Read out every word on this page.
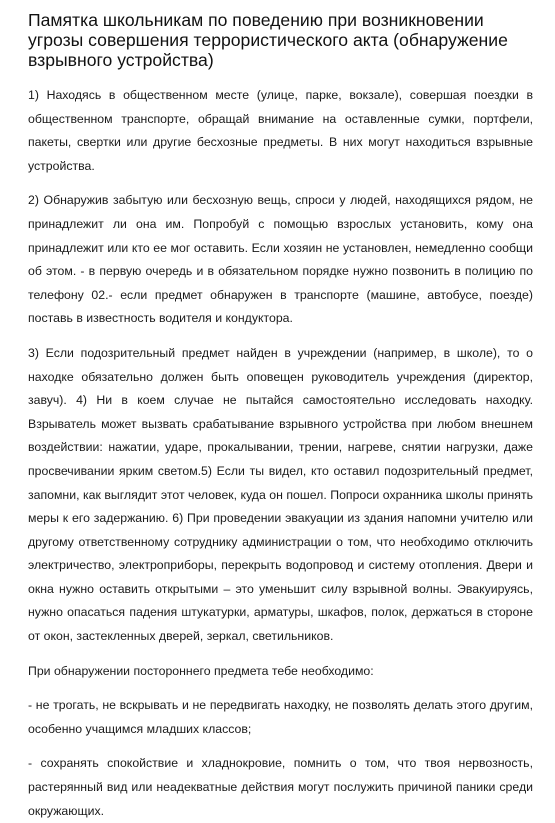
Памятка школьникам по поведению при возникновении угрозы совершения террористического акта (обнаружение взрывного устройства)

1) Находясь в общественном месте (улице, парке, вокзале), совершая поездки в общественном транспорте, обращай внимание на оставленные сумки, портфели, пакеты, свертки или другие бесхозные предметы. В них могут находиться взрывные устройства.

2) Обнаружив забытую или бесхозную вещь, спроси у людей, находящихся рядом, не принадлежит ли она им. Попробуй с помощью взрослых установить, кому она принадлежит или кто ее мог оставить. Если хозяин не установлен, немедленно сообщи об этом. - в первую очередь и в обязательном порядке нужно позвонить в полицию по телефону 02.- если предмет обнаружен в транспорте (машине, автобусе, поезде) поставь в известность водителя и кондуктора.

3) Если подозрительный предмет найден в учреждении (например, в школе), то о находке обязательно должен быть оповещен руководитель учреждения (директор, завуч). 4) Ни в коем случае не пытайся самостоятельно исследовать находку. Взрыватель может вызвать срабатывание взрывного устройства при любом внешнем воздействии: нажатии, ударе, прокалывании, трении, нагреве, снятии нагрузки, даже просвечивании ярким светом.5) Если ты видел, кто оставил подозрительный предмет, запомни, как выглядит этот человек, куда он пошел. Попроси охранника школы принять меры к его задержанию. 6) При проведении эвакуации из здания напомни учителю или другому ответственному сотруднику администрации о том, что необходимо отключить электричество, электроприборы, перекрыть водопровод и систему отопления. Двери и окна нужно оставить открытыми – это уменьшит силу взрывной волны. Эвакуируясь, нужно опасаться падения штукатурки, арматуры, шкафов, полок, держаться в стороне от окон, застекленных дверей, зеркал, светильников.

При обнаружении постороннего предмета тебе необходимо:

- не трогать, не вскрывать и не передвигать находку, не позволять делать этого другим, особенно учащимся младших классов;

- сохранять спокойствие и хладнокровие, помнить о том, что твоя нервозность, растерянный вид или неадекватные действия могут послужить причиной паники среди окружающих.
